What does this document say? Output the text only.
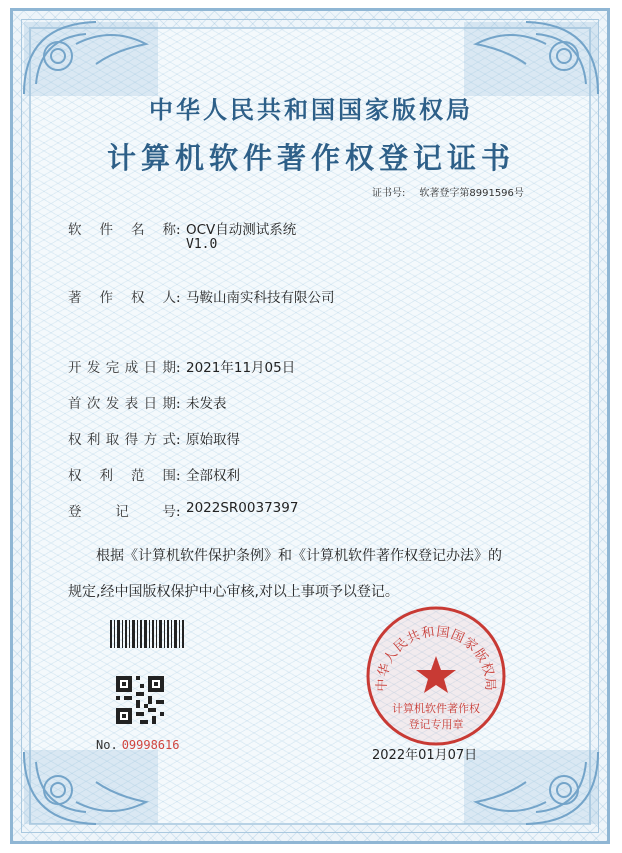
中华人民共和国国家版权局
计算机软件著作权登记证书
证书号: 软著登字第8991596号
软件名称: OCV自动测试系统
V1.0
著作权人: 马鞍山南实科技有限公司
开发完成日期: 2021年11月05日
首次发表日期: 未发表
权利取得方式: 原始取得
权利范围: 全部权利
登记号: 2022SR0037397
根据《计算机软件保护条例》和《计算机软件著作权登记办法》的
规定,经中国版权保护中心审核,对以上事项予以登记。
No. 09998616
中华人民共和国国家版权局
计算机软件著作权
登记专用章
2022年01月07日
